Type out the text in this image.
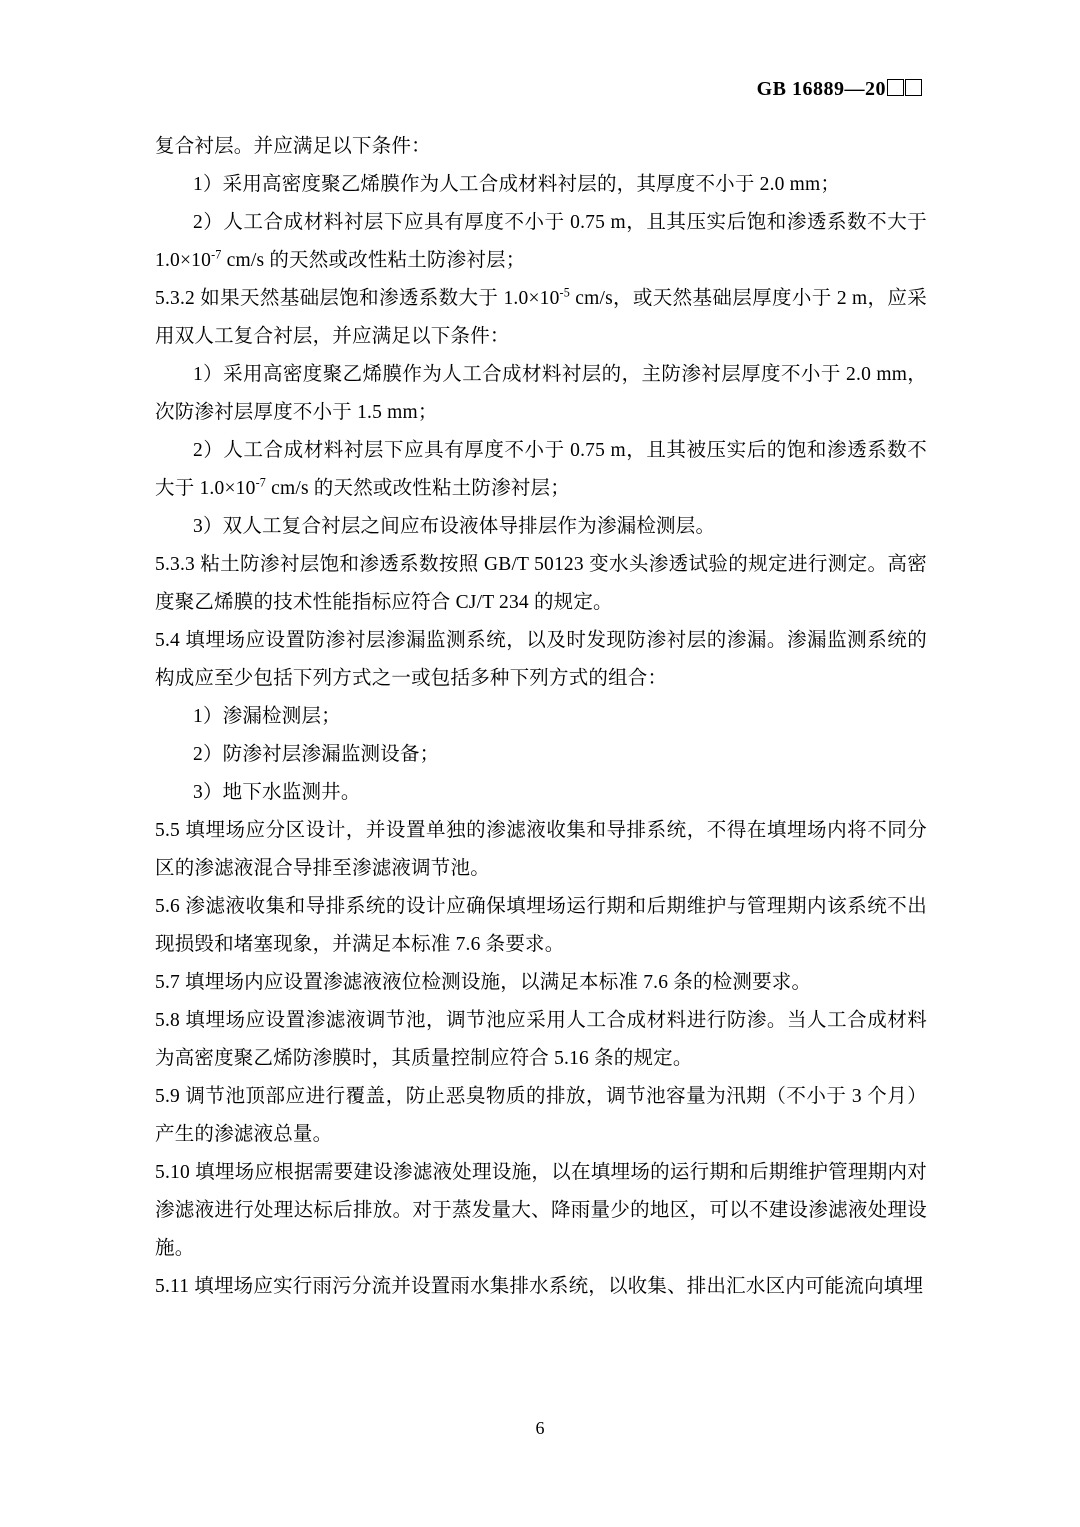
GB 16889—20

复合衬层。并应满足以下条件：

1）采用高密度聚乙烯膜作为人工合成材料衬层的，其厚度不小于 2.0 mm；

2）人工合成材料衬层下应具有厚度不小于 0.75 m，且其压实后饱和渗透系数不大于 $1.0\times 10^{-7}$ cm/s 的天然或改性粘土防渗衬层；

5.3.2 如果天然基础层饱和渗透系数大于 $1.0\times 10^{-5}$ cm/s，或天然基础层厚度小于 2 m，应采用双人工复合衬层，并应满足以下条件：

1）采用高密度聚乙烯膜作为人工合成材料衬层的，主防渗衬层厚度不小于 2.0 mm，次防渗衬层厚度不小于 1.5 mm；

2）人工合成材料衬层下应具有厚度不小于 0.75 m，且其被压实后的饱和渗透系数不大于 $1.0\times 10^{-7}$ cm/s 的天然或改性粘土防渗衬层；

3）双人工复合衬层之间应布设液体导排层作为渗漏检测层。

5.3.3 粘土防渗衬层饱和渗透系数按照 GB/T 50123 变水头渗透试验的规定进行测定。高密度聚乙烯膜的技术性能指标应符合 CJ/T 234 的规定。

5.4 填埋场应设置防渗衬层渗漏监测系统，以及时发现防渗衬层的渗漏。渗漏监测系统的构成应至少包括下列方式之一或包括多种下列方式的组合：

1）渗漏检测层；

2）防渗衬层渗漏监测设备；

3）地下水监测井。

5.5 填埋场应分区设计，并设置单独的渗滤液收集和导排系统，不得在填埋场内将不同分区的渗滤液混合导排至渗滤液调节池。

5.6 渗滤液收集和导排系统的设计应确保填埋场运行期和后期维护与管理期内该系统不出现损毁和堵塞现象，并满足本标准 7.6 条要求。

5.7 填埋场内应设置渗滤液液位检测设施，以满足本标准 7.6 条的检测要求。

5.8 填埋场应设置渗滤液调节池，调节池应采用人工合成材料进行防渗。当人工合成材料为高密度聚乙烯防渗膜时，其质量控制应符合 5.16 条的规定。

5.9 调节池顶部应进行覆盖，防止恶臭物质的排放，调节池容量为汛期（不小于 3 个月）产生的渗滤液总量。

5.10 填埋场应根据需要建设渗滤液处理设施，以在填埋场的运行期和后期维护管理期内对渗滤液进行处理达标后排放。对于蒸发量大、降雨量少的地区，可以不建设渗滤液处理设施。

5.11 填埋场应实行雨污分流并设置雨水集排水系统，以收集、排出汇水区内可能流向填埋

6
